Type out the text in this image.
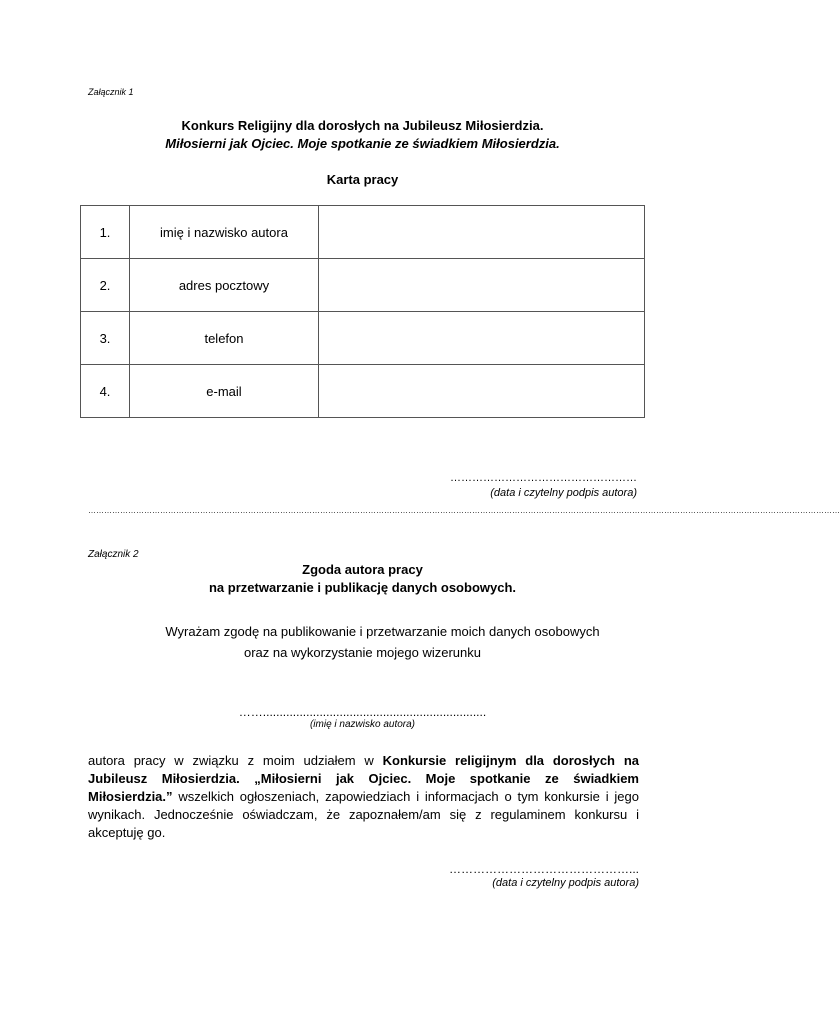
Załącznik 1
Konkurs Religijny dla dorosłych na Jubileusz Miłosierdzia.
Miłosierni jak Ojciec. Moje spotkanie ze świadkiem Miłosierdzia.
Karta pracy
1.	imię i nazwisko autora	
2.	adres pocztowy	
3.	telefon	
4.	e-mail	
……………………………………………
(data i czytelny podpis autora)
…………………………………………………………………………………………………………………………………………………………………………………………………………………………………………………………
Załącznik 2
Zgoda autora pracy
na przetwarzanie i publikację danych osobowych.
Wyrażam zgodę na publikowanie i przetwarzanie moich danych osobowych
oraz na wykorzystanie mojego wizerunku
……...................................................................
(imię i nazwisko autora)
autora pracy w związku z moim udziałem w Konkursie religijnym dla dorosłych na Jubileusz Miłosierdzia. „Miłosierni jak Ojciec. Moje spotkanie ze świadkiem Miłosierdzia.” wszelkich ogłoszeniach, zapowiedziach i informacjach o tym konkursie i jego wynikach. Jednocześnie oświadczam, że zapoznałem/am się z regulaminem konkursu i akceptuję go.
………………………………………...
(data i czytelny podpis autora)
